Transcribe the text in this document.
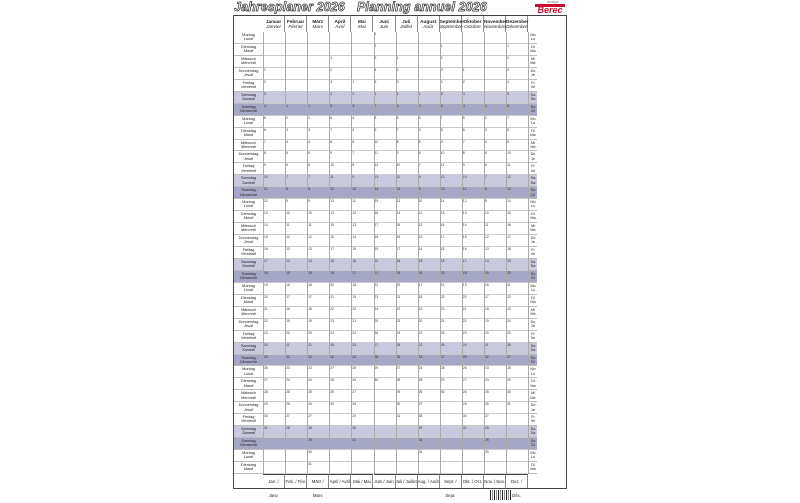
Jahresplaner 2026 Planning annuel 2026	design
Berec
Januar
Janvier
Jan. / Janv.
Februar
Février
Feb. / Fév.
März
Mars
März / Mars
April
Avril
April / Avril
Mai
Mai
Mai / Mai
Juni
Juin
Juni / Juin
Juli
Juillet
Juli / Juillet
August
Août
Aug. / Août
September
Septembre
Sept. / Sept.
Oktober
Octobre
Okt. / Oct.
November
Novembre
Nov. / Nov.
Dezember
Décembre
Dez. / Déc.
Montag
Lundi
Mo
Lu
Dienstag
Mardi
Di
Ma
Mittwoch
Mercredi
Mi
Me
Donnerstag
Jeudi
Do
Je
Freitag
Vendredi
Fr
Ve
Samstag
Samedi
Sa
Sa
Sonntag
Dimanche
So
Di
Montag
Lundi
Mo
Lu
Dienstag
Mardi
Di
Ma
Mittwoch
Mercredi
Mi
Me
Donnerstag
Jeudi
Do
Je
Freitag
Vendredi
Fr
Ve
Samstag
Samedi
Sa
Sa
Sonntag
Dimanche
So
Di
Montag
Lundi
Mo
Lu
Dienstag
Mardi
Di
Ma
Mittwoch
Mercredi
Mi
Me
Donnerstag
Jeudi
Do
Je
Freitag
Vendredi
Fr
Ve
Samstag
Samedi
Sa
Sa
Sonntag
Dimanche
So
Di
Montag
Lundi
Mo
Lu
Dienstag
Mardi
Di
Ma
Mittwoch
Mercredi
Mi
Me
Donnerstag
Jeudi
Do
Je
Freitag
Vendredi
Fr
Ve
Samstag
Samedi
Sa
Sa
Sonntag
Dimanche
So
Di
Montag
Lundi
Mo
Lu
Dienstag
Mardi
Di
Ma
Mittwoch
Mercredi
Mi
Me
Donnerstag
Jeudi
Do
Je
Freitag
Vendredi
Fr
Ve
Samstag
Samedi
Sa
Sa
Sonntag
Dimanche
So
Di
Montag
Lundi
Mo
Lu
Dienstag
Mardi
Di
Ma
1
2
3
4
5
6
7
8
9
10
11
12
13
14
15
16
17
18
19
20
21
22
23
24
25
26
27
28
29
30
31
1
2
3
4
5
6
7
8
9
10
11
12
13
14
15
16
17
18
19
20
21
22
23
24
25
26
27
28
1
2
3
4
5
6
7
8
9
10
11
12
13
14
15
16
17
18
19
20
21
22
23
24
25
26
27
28
29
30
31
1
2
3
4
5
6
7
8
9
10
11
12
13
14
15
16
17
18
19
20
21
22
23
24
25
26
27
28
29
30
1
2
3
4
5
6
7
8
9
10
11
12
13
14
15
16
17
18
19
20
21
22
23
24
25
26
27
28
29
30
31
1
2
3
4
5
6
7
8
9
10
11
12
13
14
15
16
17
18
19
20
21
22
23
24
25
26
27
28
29
30
1
2
3
4
5
6
7
8
9
10
11
12
13
14
15
16
17
18
19
20
21
22
23
24
25
26
27
28
29
30
31
1
2
3
4
5
6
7
8
9
10
11
12
13
14
15
16
17
18
19
20
21
22
23
24
25
26
27
28
29
30
31
1
2
3
4
5
6
7
8
9
10
11
12
13
14
15
16
17
18
19
20
21
22
23
24
25
26
27
28
29
30
1
2
3
4
5
6
7
8
9
10
11
12
13
14
15
16
17
18
19
20
21
22
23
24
25
26
27
28
29
30
31
1
2
3
4
5
6
7
8
9
10
11
12
13
14
15
16
17
18
19
20
21
22
23
24
25
26
27
28
29
30
1
2
3
4
5
6
7
8
9
10
11
12
13
14
15
16
17
18
19
20
21
22
23
24
25
26
27
28
29
30
31
